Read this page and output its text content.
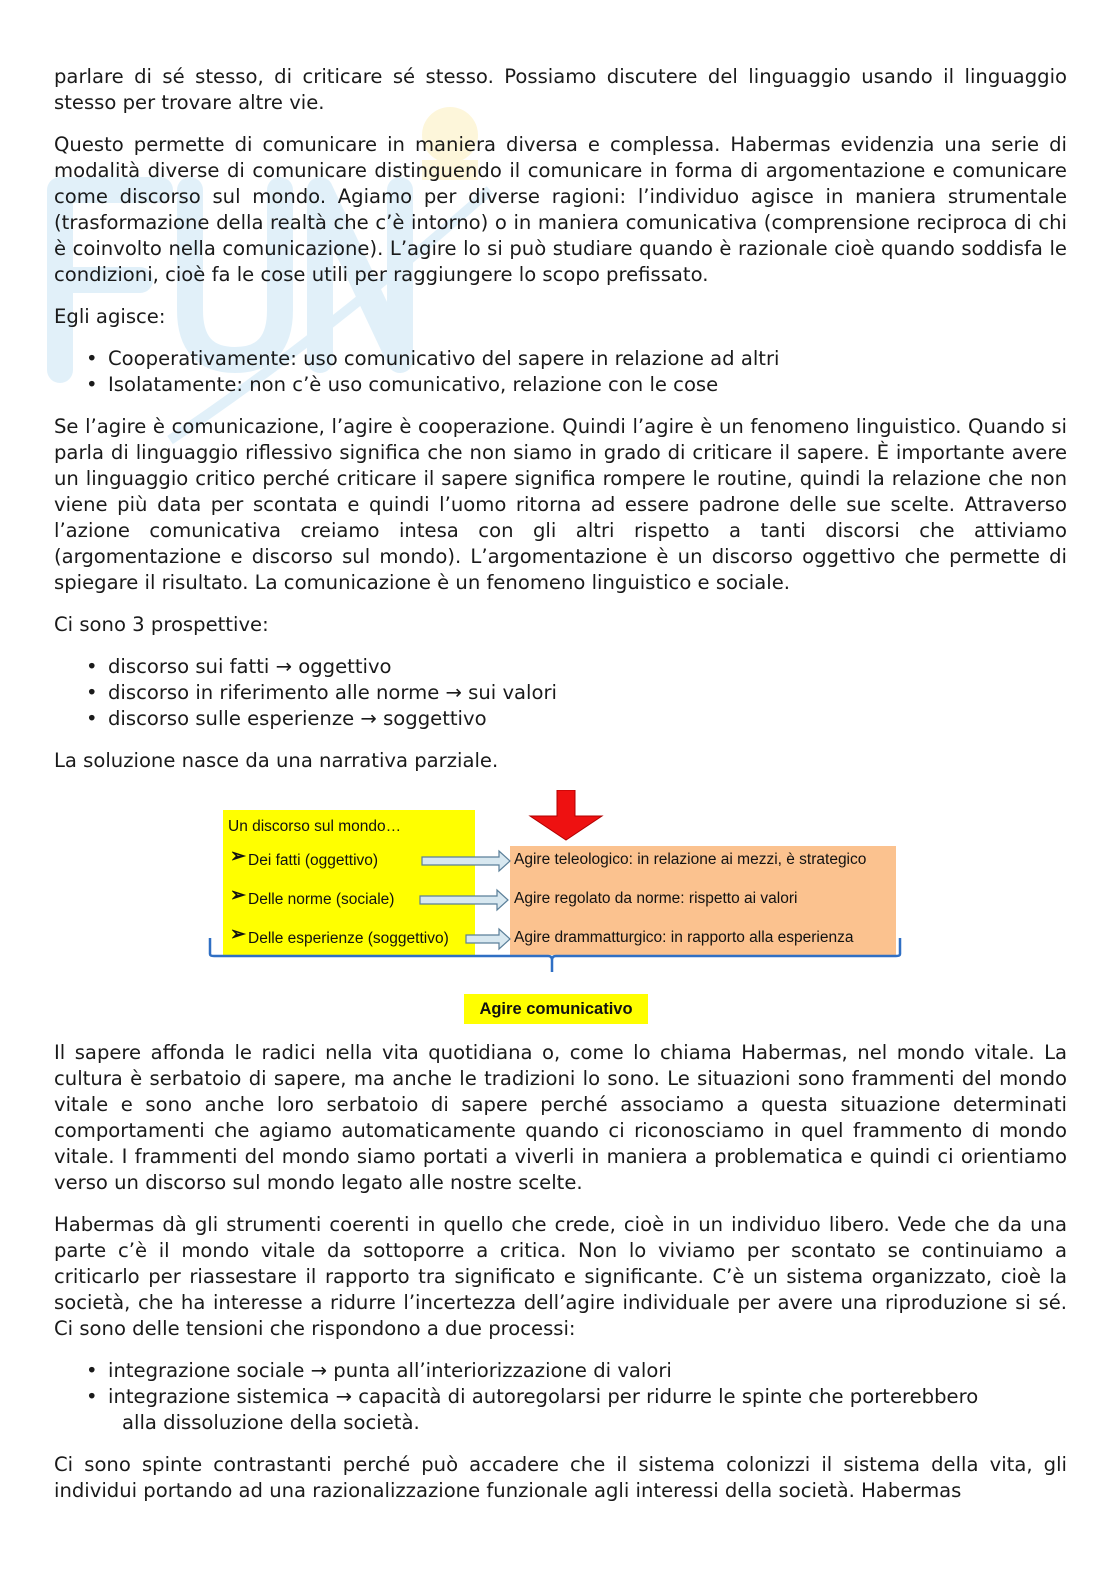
parlare di sé stesso, di criticare sé stesso. Possiamo discutere del linguaggio usando il linguaggio stesso per trovare altre vie.

Questo permette di comunicare in maniera diversa e complessa. Habermas evidenzia una serie di modalità diverse di comunicare distinguendo il comunicare in forma di argomentazione e comunicare come discorso sul mondo. Agiamo per diverse ragioni: l’individuo agisce in maniera strumentale (trasformazione della realtà che c’è intorno) o in maniera comunicativa (comprensione reciproca di chi è coinvolto nella comunicazione). L’agire lo si può studiare quando è razionale cioè quando soddisfa le condizioni, cioè fa le cose utili per raggiungere lo scopo prefissato.

Egli agisce:

• Cooperativamente: uso comunicativo del sapere in relazione ad altri
• Isolatamente: non c’è uso comunicativo, relazione con le cose

Se l’agire è comunicazione, l’agire è cooperazione. Quindi l’agire è un fenomeno linguistico. Quando si parla di linguaggio riflessivo significa che non siamo in grado di criticare il sapere. È importante avere un linguaggio critico perché criticare il sapere significa rompere le routine, quindi la relazione che non viene più data per scontata e quindi l’uomo ritorna ad essere padrone delle sue scelte. Attraverso l’azione comunicativa creiamo intesa con gli altri rispetto a tanti discorsi che attiviamo (argomentazione e discorso sul mondo). L’argomentazione è un discorso oggettivo che permette di spiegare il risultato. La comunicazione è un fenomeno linguistico e sociale.

Ci sono 3 prospettive:

• discorso sui fatti → oggettivo
• discorso in riferimento alle norme → sui valori
• discorso sulle esperienze → soggettivo

La soluzione nasce da una narrativa parziale.

Un discorso sul mondo…
➢ Dei fatti (oggettivo)
➢ Delle norme (sociale)
➢ Delle esperienze (soggettivo)
Agire teleologico: in relazione ai mezzi, è strategico
Agire regolato da norme: rispetto ai valori
Agire drammatturgico: in rapporto alla esperienza
Agire comunicativo

Il sapere affonda le radici nella vita quotidiana o, come lo chiama Habermas, nel mondo vitale. La cultura è serbatoio di sapere, ma anche le tradizioni lo sono. Le situazioni sono frammenti del mondo vitale e sono anche loro serbatoio di sapere perché associamo a questa situazione determinati comportamenti che agiamo automaticamente quando ci riconosciamo in quel frammento di mondo vitale. I frammenti del mondo siamo portati a viverli in maniera a problematica e quindi ci orientiamo verso un discorso sul mondo legato alle nostre scelte.

Habermas dà gli strumenti coerenti in quello che crede, cioè in un individuo libero. Vede che da una parte c’è il mondo vitale da sottoporre a critica. Non lo viviamo per scontato se continuiamo a criticarlo per riassestare il rapporto tra significato e significante. C’è un sistema organizzato, cioè la società, che ha interesse a ridurre l’incertezza dell’agire individuale per avere una riproduzione si sé. Ci sono delle tensioni che rispondono a due processi:

• integrazione sociale → punta all’interiorizzazione di valori
• integrazione sistemica → capacità di autoregolarsi per ridurre le spinte che porterebbero
alla dissoluzione della società.

Ci sono spinte contrastanti perché può accadere che il sistema colonizzi il sistema della vita, gli individui portando ad una razionalizzazione funzionale agli interessi della società. Habermas
